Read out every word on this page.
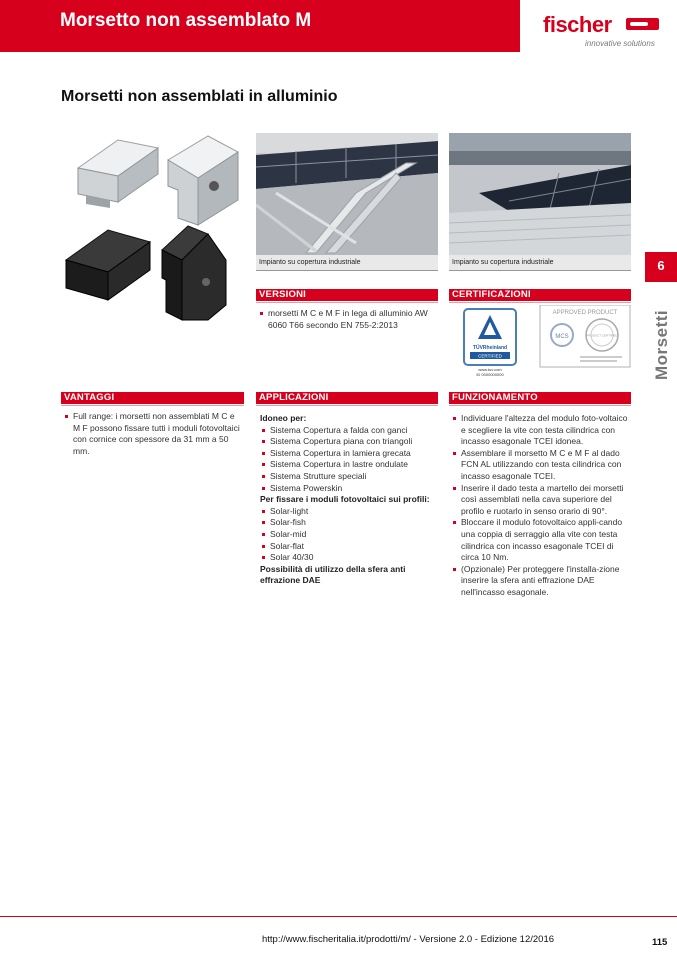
Morsetto non assemblato M	fischer
innovative solutions
Morsetti non assemblati in alluminio
Impianto su copertura industriale	Impianto su copertura industriale	6
Morsetti
VERSIONI
morsetti M C e M F in lega di alluminio AW 6060 T66 secondo EN 755-2:2013
CERTIFICAZIONI
TÜVRheinland
CERTIFIED
www.tuv.com
ID 0000000000
APPROVED PRODUCT
MCS	PRODUCT CERTIFIED
VANTAGGI
Full range: i morsetti non assemblati M C e M F possono fissare tutti i moduli fotovoltaici con cornice con spessore da 31 mm a 50 mm.
APPLICAZIONI
Idoneo per:
Sistema Copertura a falda con ganci
Sistema Copertura piana con triangoli
Sistema Copertura in lamiera grecata
Sistema Copertura in lastre ondulate
Sistema Strutture speciali
Sistema Powerskin
Per fissare i moduli fotovoltaici sui profili:
Solar-light
Solar-fish
Solar-mid
Solar-flat
Solar 40/30
Possibilità di utilizzo della sfera anti effrazione DAE
FUNZIONAMENTO
Individuare l'altezza del modulo foto-voltaico e scegliere la vite con testa cilindrica con incasso esagonale TCEI idonea.
Assemblare il morsetto M C e M F al dado FCN AL utilizzando con testa cilindrica con incasso esagonale TCEI.
Inserire il dado testa a martello dei morsetti così assemblati nella cava superiore del profilo e ruotarlo in senso orario di 90°.
Bloccare il modulo fotovoltaico appli-cando una coppia di serraggio alla vite con testa cilindrica con incasso esagonale TCEI di circa 10 Nm.
(Opzionale) Per proteggere l'installa-zione inserire la sfera anti effrazione DAE nell'incasso esagonale.
http://www.fischeritalia.it/prodotti/m/ - Versione 2.0 - Edizione 12/2016	115
